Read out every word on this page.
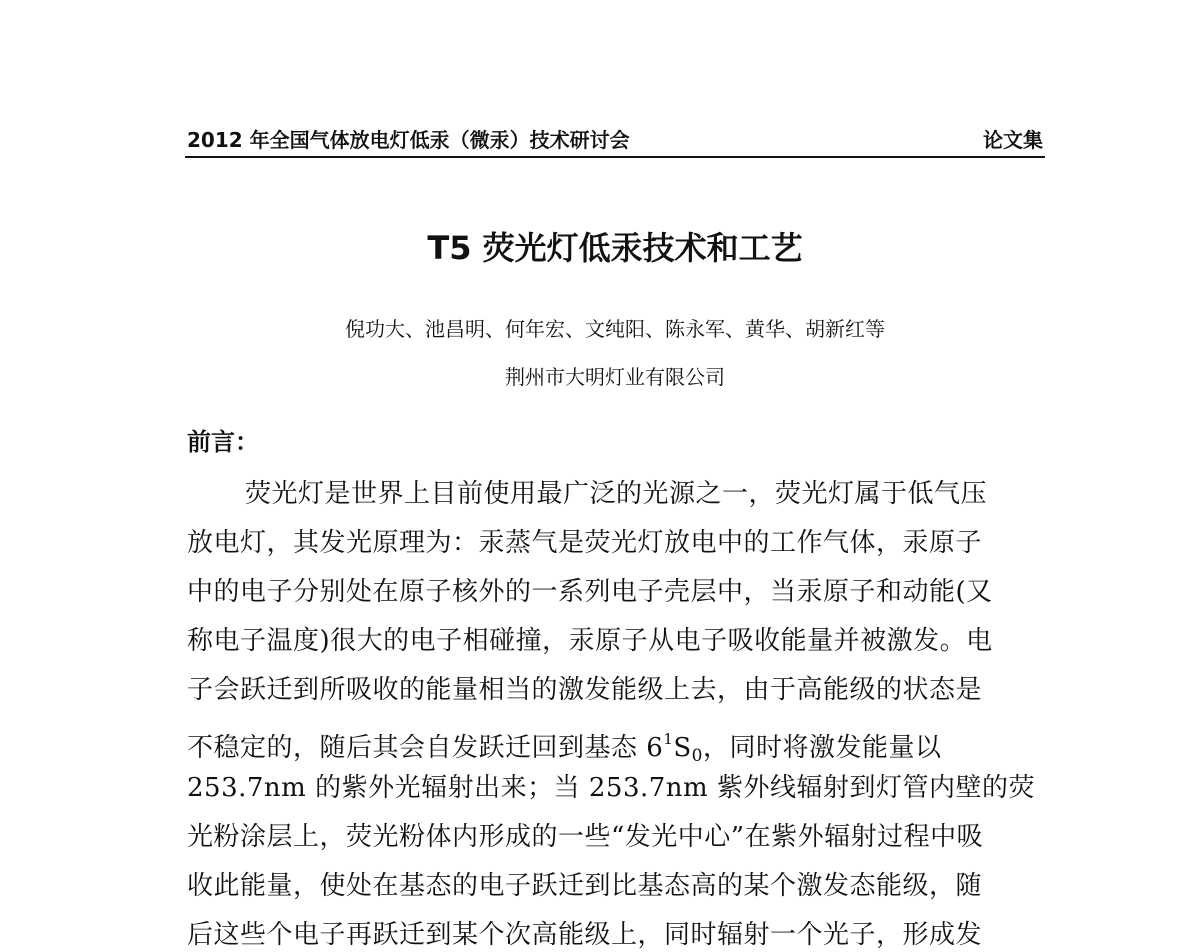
2012 年全国气体放电灯低汞（微汞）技术研讨会	论文集
T5 荧光灯低汞技术和工艺
倪功大、池昌明、何年宏、文纯阳、陈永军、黄华、胡新红等
荆州市大明灯业有限公司
前言：
荧光灯是世界上目前使用最广泛的光源之一，荧光灯属于低气压
放电灯，其发光原理为：汞蒸气是荧光灯放电中的工作气体，汞原子
中的电子分别处在原子核外的一系列电子壳层中，当汞原子和动能(又
称电子温度)很大的电子相碰撞，汞原子从电子吸收能量并被激发。电
子会跃迁到所吸收的能量相当的激发能级上去，由于高能级的状态是
不稳定的，随后其会自发跃迁回到基态 $6^1S_0$，同时将激发能量以
253.7nm 的紫外光辐射出来；当 253.7nm 紫外线辐射到灯管内壁的荧
光粉涂层上，荧光粉体内形成的一些“发光中心”在紫外辐射过程中吸
收此能量，使处在基态的电子跃迁到比基态高的某个激发态能级，随
后这些个电子再跃迁到某个次高能级上，同时辐射一个光子，形成发
